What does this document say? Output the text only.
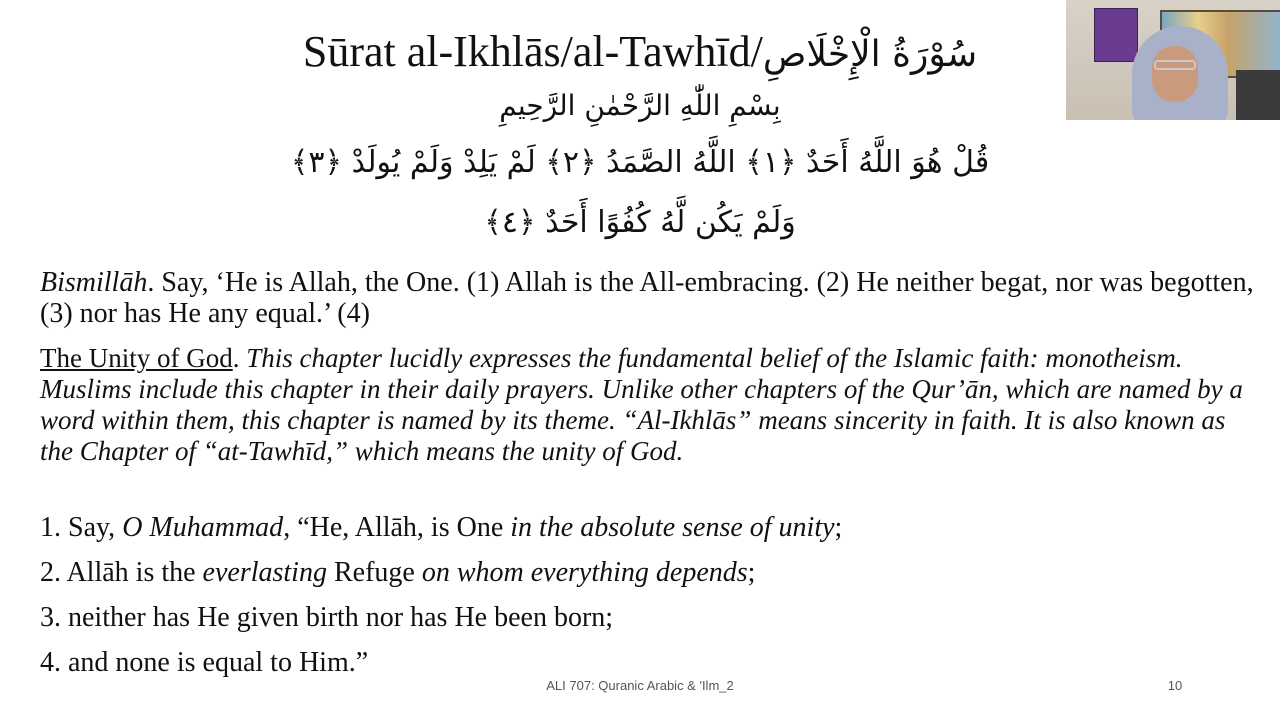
Sūrat al-Ikhlās/al-Tawhīd/سُوْرَةُ الْإِخْلَاصِ
بِسْمِ اللّٰهِ الرَّحْمٰنِ الرَّحِيمِ
قُلْ هُوَ اللَّهُ أَحَدٌ ﴿١﴾ اللَّهُ الصَّمَدُ ﴿٢﴾ لَمْ يَلِدْ وَلَمْ يُولَدْ ﴿٣﴾
وَلَمْ يَكُن لَّهُ كُفُوًا أَحَدٌ ﴿٤﴾
Bismillāh. Say, ‘He is Allah, the One. (1) Allah is the All-embracing. (2) He neither begat, nor was begotten, (3) nor has He any equal.’ (4)
The Unity of God. This chapter lucidly expresses the fundamental belief of the Islamic faith: monotheism. Muslims include this chapter in their daily prayers. Unlike other chapters of the Qur’ān, which are named by a word within them, this chapter is named by its theme. “Al-Ikhlās” means sincerity in faith. It is also known as the Chapter of “at-Tawhīd,” which means the unity of God.
1. Say, O Muhammad, “He, Allāh, is One in the absolute sense of unity;
2. Allāh is the everlasting Refuge on whom everything depends;
3. neither has He given birth nor has He been born;
4. and none is equal to Him.”
ALI 707: Quranic Arabic & 'Ilm_2	10
